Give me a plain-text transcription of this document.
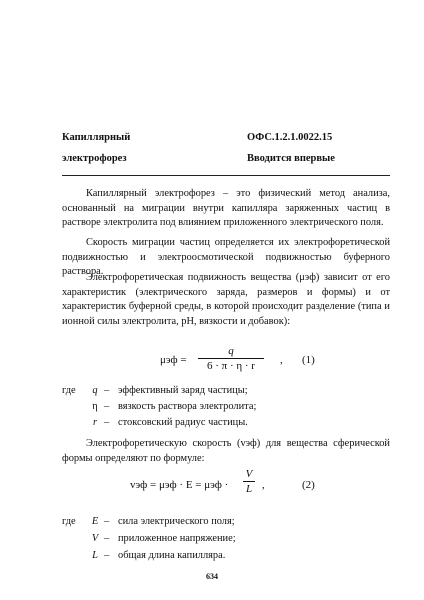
Капиллярный
электрофорез
ОФС.1.2.1.0022.15
Вводится впервые
Капиллярный электрофорез – это физический метод анализа, основанный на миграции внутри капилляра заряженных частиц в растворе электролита под влиянием приложенного электрического поля.
Скорость миграции частиц определяется их электрофоретической подвижностью и электроосмотической подвижностью буферного раствора.
Электрофоретическая подвижность вещества (μэф) зависит от его характеристик (электрического заряда, размеров и формы) и от характеристик буферной среды, в которой происходит разделение (типа и ионной силы электролита, pH, вязкости и добавок):
μэф =
q
6 · π · η · r , (1)
где	q – эффективный заряд частицы;
η – вязкость раствора электролита;
r – стоксовский радиус частицы.
Электрофоретическую скорость (vэф) для вещества сферической формы определяют по формуле:
vэф = μэф · E = μэф ·
V
L ,	(2)
где	E – сила электрического поля;
V – приложенное напряжение;
L – общая длина капилляра.
634
